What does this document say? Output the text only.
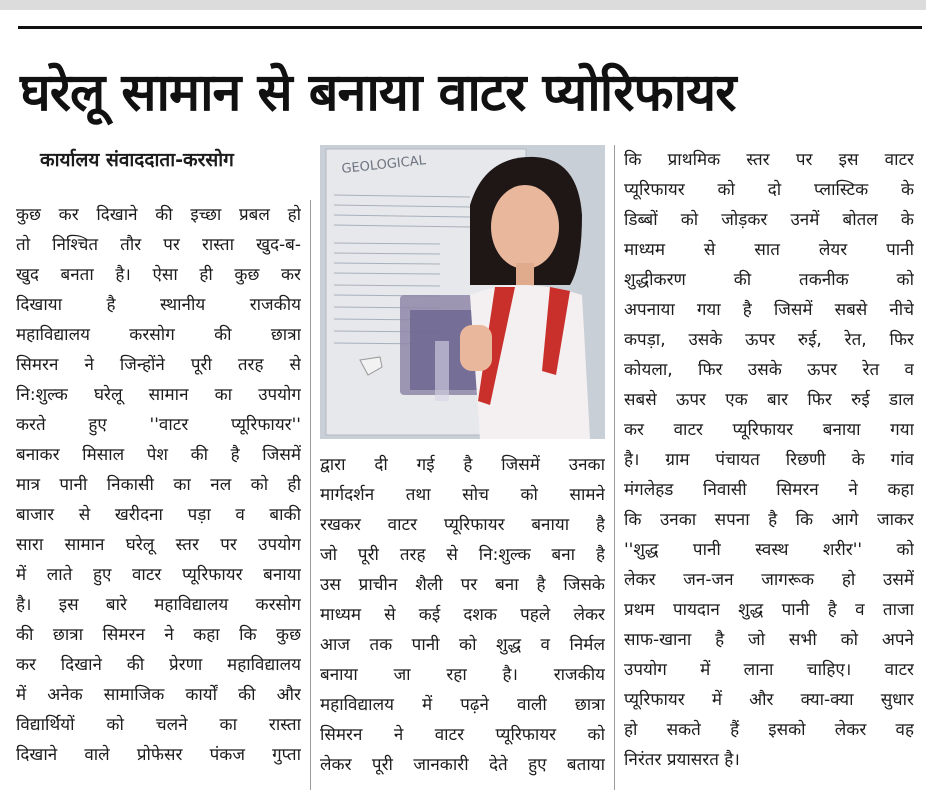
घरेलू सामान से बनाया वाटर प्योरिफायर
कार्यालय संवाददाता-करसोग

कुछ कर दिखाने की इच्छा प्रबल हो

तो निश्चित तौर पर रास्ता खुद-ब-

खुद बनता है। ऐसा ही कुछ कर

दिखाया है स्थानीय राजकीय

महाविद्यालय करसोग की छात्रा

सिमरन ने जिन्होंने पूरी तरह से

नि:शुल्क घरेलू सामान का उपयोग

करते हुए ''वाटर प्यूरिफायर''

बनाकर मिसाल पेश की है जिसमें

मात्र पानी निकासी का नल को ही

बाजार से खरीदना पड़ा व बाकी

सारा सामान घरेलू स्तर पर उपयोग

में लाते हुए वाटर प्यूरिफायर बनाया

है। इस बारे महाविद्यालय करसोग

की छात्रा सिमरन ने कहा कि कुछ

कर दिखाने की प्रेरणा महाविद्यालय

में अनेक सामाजिक कार्यों की और

विद्यार्थियों को चलने का रास्ता

दिखाने वाले प्रोफेसर पंकज गुप्ता

GEOLOGICAL

द्वारा दी गई है जिसमें उनका

मार्गदर्शन तथा सोच को सामने

रखकर वाटर प्यूरिफायर बनाया है

जो पूरी तरह से नि:शुल्क बना है

उस प्राचीन शैली पर बना है जिसके

माध्यम से कई दशक पहले लेकर

आज तक पानी को शुद्ध व निर्मल

बनाया जा रहा है। राजकीय

महाविद्यालय में पढ़ने वाली छात्रा

सिमरन ने वाटर प्यूरिफायर को

लेकर पूरी जानकारी देते हुए बताया

कि प्राथमिक स्तर पर इस वाटर

प्यूरिफायर को दो प्लास्टिक के

डिब्बों को जोड़कर उनमें बोतल के

माध्यम से सात लेयर पानी

शुद्धीकरण की तकनीक को

अपनाया गया है जिसमें सबसे नीचे

कपड़ा, उसके ऊपर रुई, रेत, फिर

कोयला, फिर उसके ऊपर रेत व

सबसे ऊपर एक बार फिर रुई डाल

कर वाटर प्यूरिफायर बनाया गया

है। ग्राम पंचायत रिछणी के गांव

मंगलेहड निवासी सिमरन ने कहा

कि उनका सपना है कि आगे जाकर

''शुद्ध पानी स्वस्थ शरीर'' को

लेकर जन-जन जागरूक हो उसमें

प्रथम पायदान शुद्ध पानी है व ताजा

साफ-खाना है जो सभी को अपने

उपयोग में लाना चाहिए। वाटर

प्यूरिफायर में और क्या-क्या सुधार

हो सकते हैं इसको लेकर वह

निरंतर प्रयासरत है।
